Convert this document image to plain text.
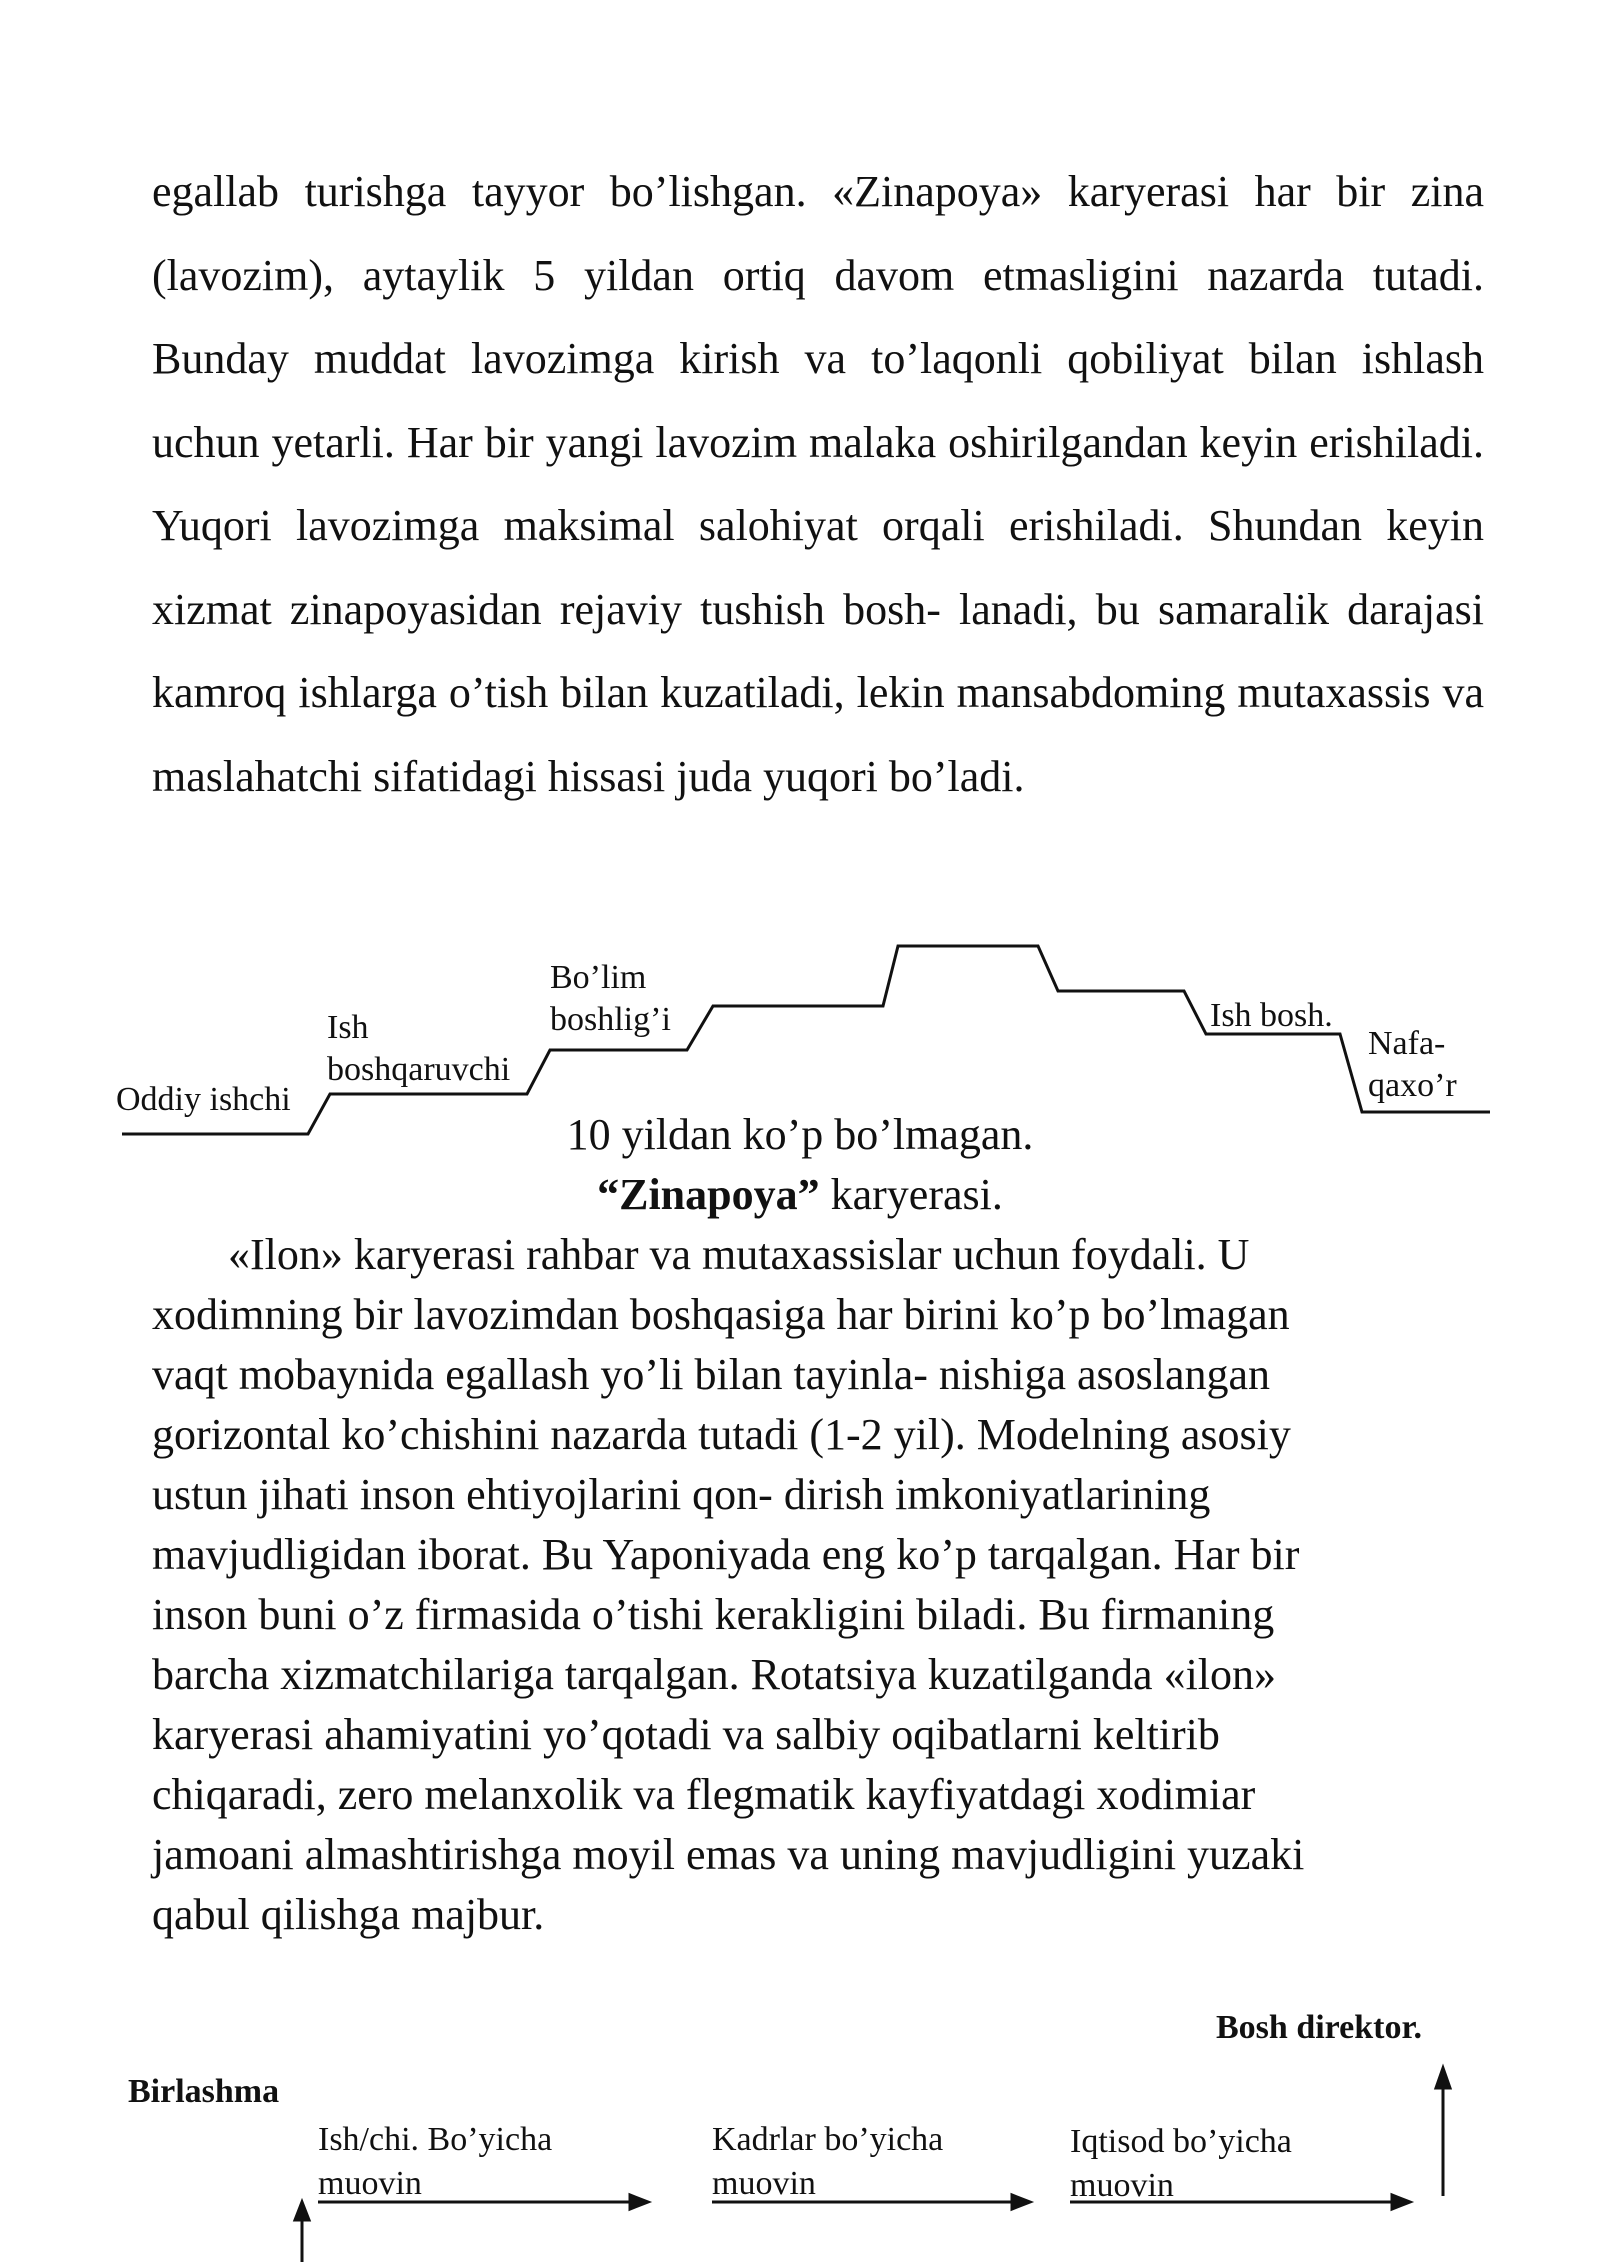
egallab turishga tayyor bo’lishgan. «Zinapoya» karyerasi har bir zina (lavozim), aytaylik 5 yildan ortiq davom etmasligini nazarda tutadi. Bunday muddat lavozimga kirish va to’laqonli qobiliyat bilan ishlash uchun yetarli. Har bir yangi lavozim malaka oshirilgandan keyin erishiladi. Yuqori lavozimga maksimal salohiyat orqali erishiladi. Shundan keyin xizmat zinapoyasidan rejaviy tushish bosh- lanadi, bu samaralik darajasi kamroq ishlarga o’tish bilan kuzatiladi, lekin mansabdoming mutaxassis va maslahatchi sifatidagi hissasi juda yuqori bo’ladi.

Oddiy ishchi
Ish
boshqaruvchi
Bo’lim
boshlig’i	Ish bosh.
Nafa-
qaxo’r
10 yildan ko’p bo’lmagan.
“Zinapoya” karyerasi.
«Ilon» karyerasi rahbar va mutaxassislar uchun foydali. U
xodimning bir lavozimdan boshqasiga har birini ko’p bo’lmagan
vaqt mobaynida egallash yo’li bilan tayinla- nishiga asoslangan
gorizontal ko’chishini nazarda tutadi (1-2 yil). Modelning asosiy
ustun jihati inson ehtiyojlarini qon- dirish imkoniyatlarining
mavjudligidan iborat. Bu Yaponiyada eng ko’p tarqalgan. Har bir
inson buni o’z firmasida o’tishi kerakligini biladi. Bu firmaning
barcha xizmatchilariga tarqalgan. Rotatsiya kuzatilganda «ilon»
karyerasi ahamiyatini yo’qotadi va salbiy oqibatlarni keltirib
chiqaradi, zero melanxolik va flegmatik kayfiyatdagi xodimiar
jamoani almashtirishga moyil emas va uning mavjudligini yuzaki
qabul qilishga majbur.
Bosh direktor.
Birlashma
Ish/chi. Bo’yicha
muovin
Kadrlar bo’yicha
muovin
Iqtisod bo’yicha
muovin
